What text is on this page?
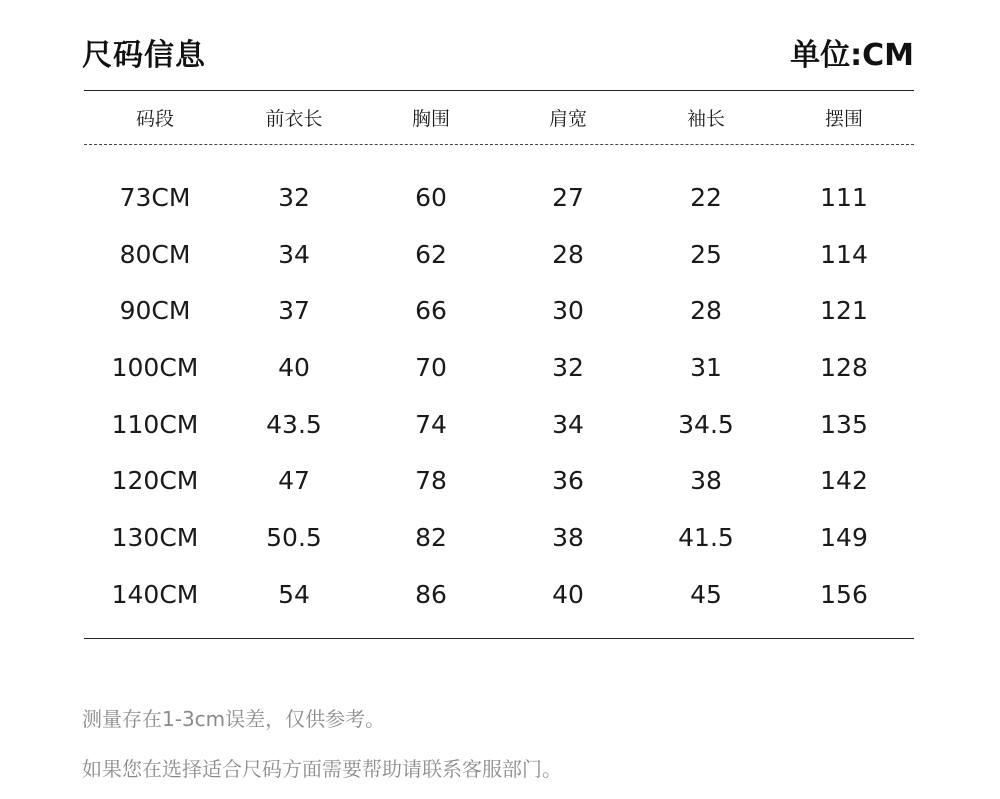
尺码信息	单位:CM
码段	前衣长	胸围	肩宽	袖长	摆围
73CM	32	60	27	22	111
80CM	34	62	28	25	114
90CM	37	66	30	28	121
100CM	40	70	32	31	128
110CM	43.5	74	34	34.5	135
120CM	47	78	36	38	142
130CM	50.5	82	38	41.5	149
140CM	54	86	40	45	156
测量存在1-3cm误差，仅供参考。
如果您在选择适合尺码方面需要帮助请联系客服部门。
